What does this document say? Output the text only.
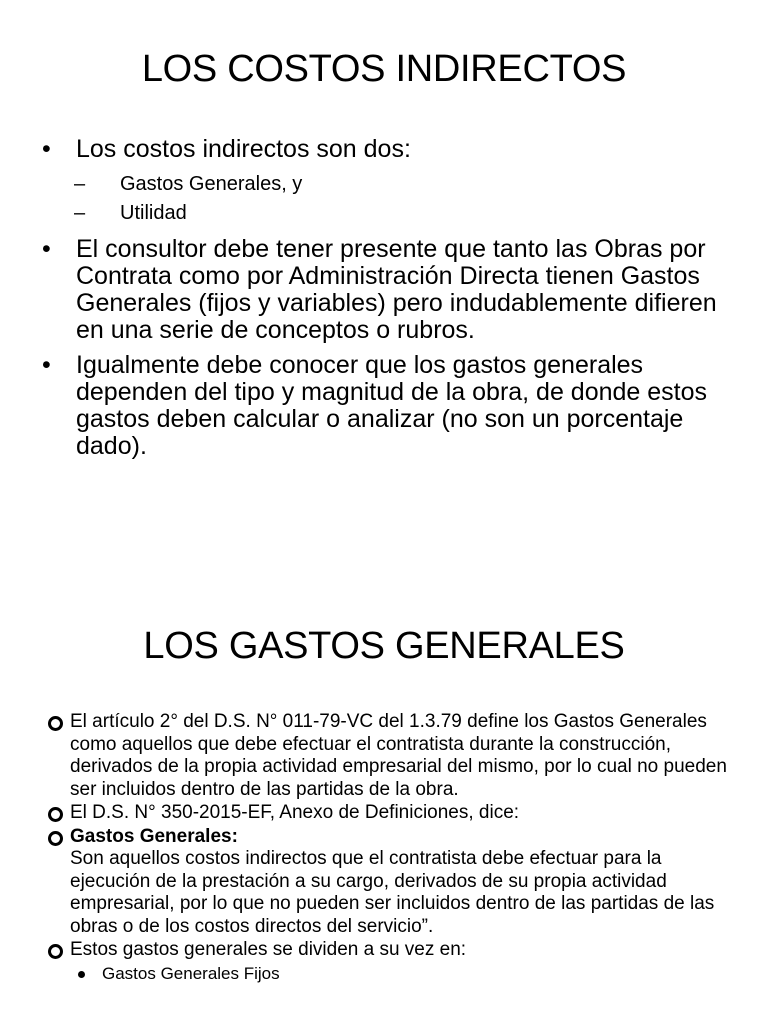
LOS COSTOS INDIRECTOS
• Los costos indirectos son dos:
– Gastos Generales, y
– Utilidad
• El consultor debe tener presente que tanto las Obras por Contrata como por Administración Directa tienen Gastos Generales (fijos y variables) pero indudablemente difieren en una serie de conceptos o rubros.
• Igualmente debe conocer que los gastos generales dependen del tipo y magnitud de la obra, de donde estos gastos deben calcular o analizar (no son un porcentaje dado).
LOS GASTOS GENERALES
El artículo 2° del D.S. N° 011-79-VC del 1.3.79 define los Gastos Generales como aquellos que debe efectuar el contratista durante la construcción, derivados de la propia actividad empresarial del mismo, por lo cual no pueden ser incluidos dentro de las partidas de la obra.
El D.S. N° 350-2015-EF, Anexo de Definiciones, dice:
Gastos Generales:
Son aquellos costos indirectos que el contratista debe efectuar para la ejecución de la prestación a su cargo, derivados de su propia actividad empresarial, por lo que no pueden ser incluidos dentro de las partidas de las obras o de los costos directos del servicio”.
Estos gastos generales se dividen a su vez en:
Gastos Generales Fijos
